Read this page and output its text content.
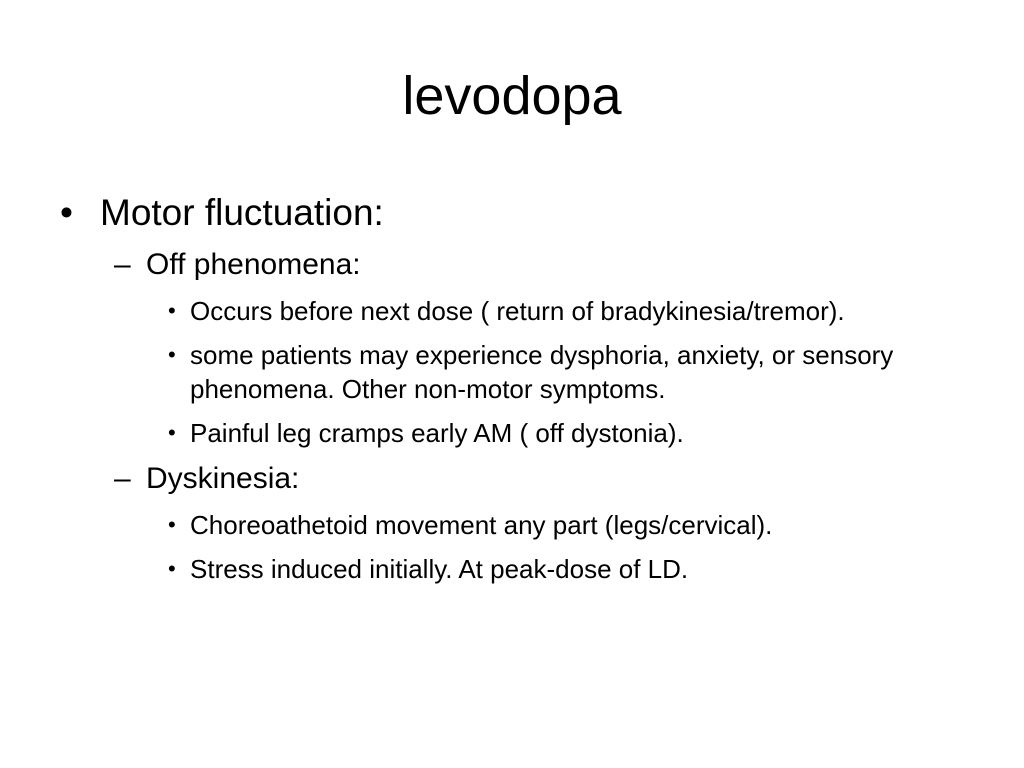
levodopa
• Motor fluctuation:
– Off phenomena:
• Occurs before next dose ( return of bradykinesia/tremor).
• some patients may experience dysphoria, anxiety, or sensory phenomena. Other non-motor symptoms.
• Painful leg cramps early AM ( off dystonia).
– Dyskinesia:
• Choreoathetoid movement any part (legs/cervical).
• Stress induced initially. At peak-dose of LD.
